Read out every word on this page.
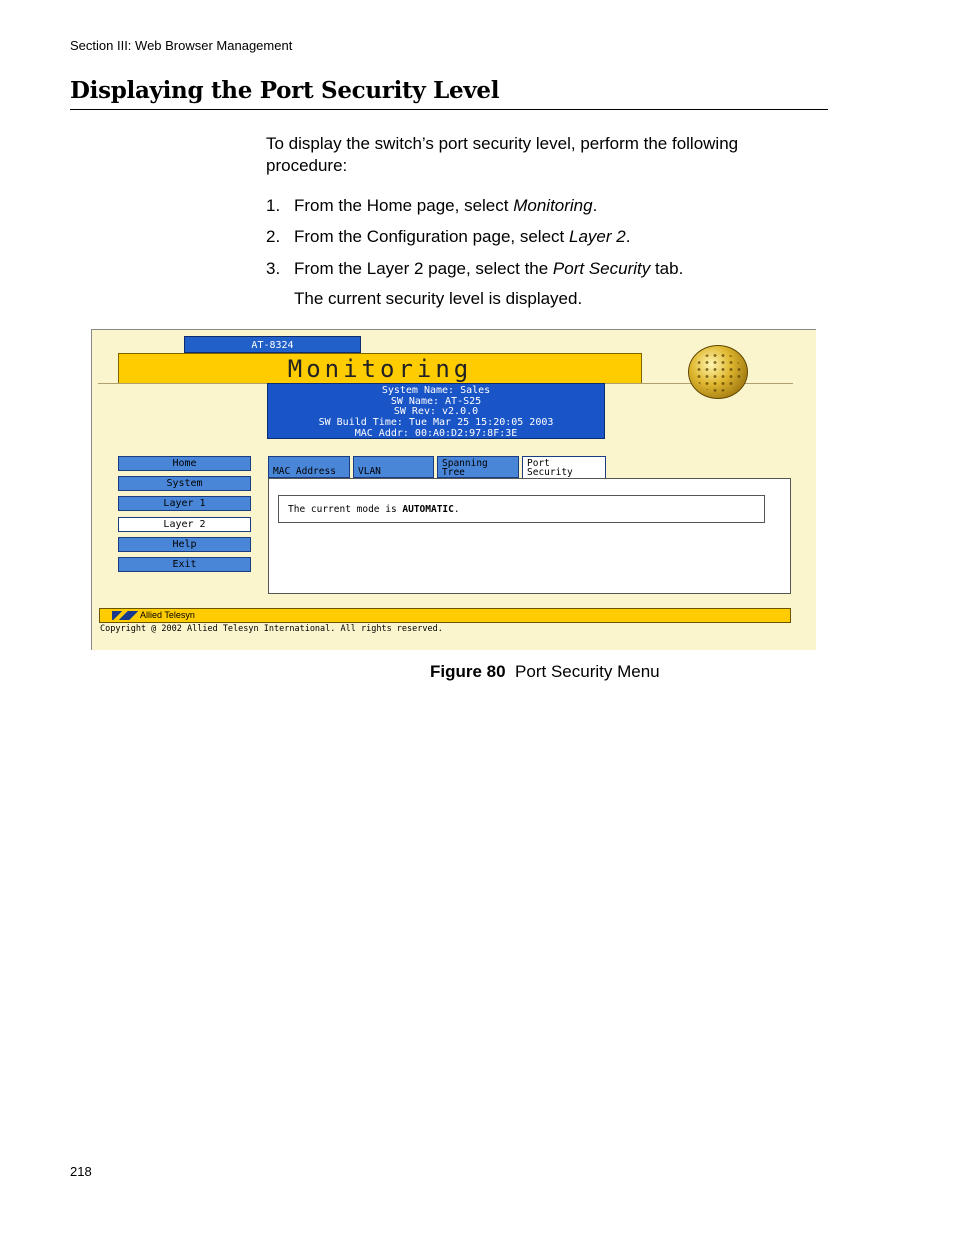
Section III: Web Browser Management
Displaying the Port Security Level
To display the switch’s port security level, perform the following procedure:
1. From the Home page, select Monitoring.
2. From the Configuration page, select Layer 2.
3. From the Layer 2 page, select the Port Security tab.
The current security level is displayed.
AT-8324
Monitoring
System Name: Sales
SW Name: AT-S25
SW Rev: v2.0.0
SW Build Time: Tue Mar 25 15:20:05 2003
MAC Addr: 00:A0:D2:97:8F:3E
Home
System
Layer 1
Layer 2
Help
Exit
MAC Address	VLAN
Spanning
Tree
Port
Security
The current mode is AUTOMATIC.
Allied Telesyn
Copyright @ 2002 Allied Telesyn International. All rights reserved.
Figure 80 Port Security Menu
218
